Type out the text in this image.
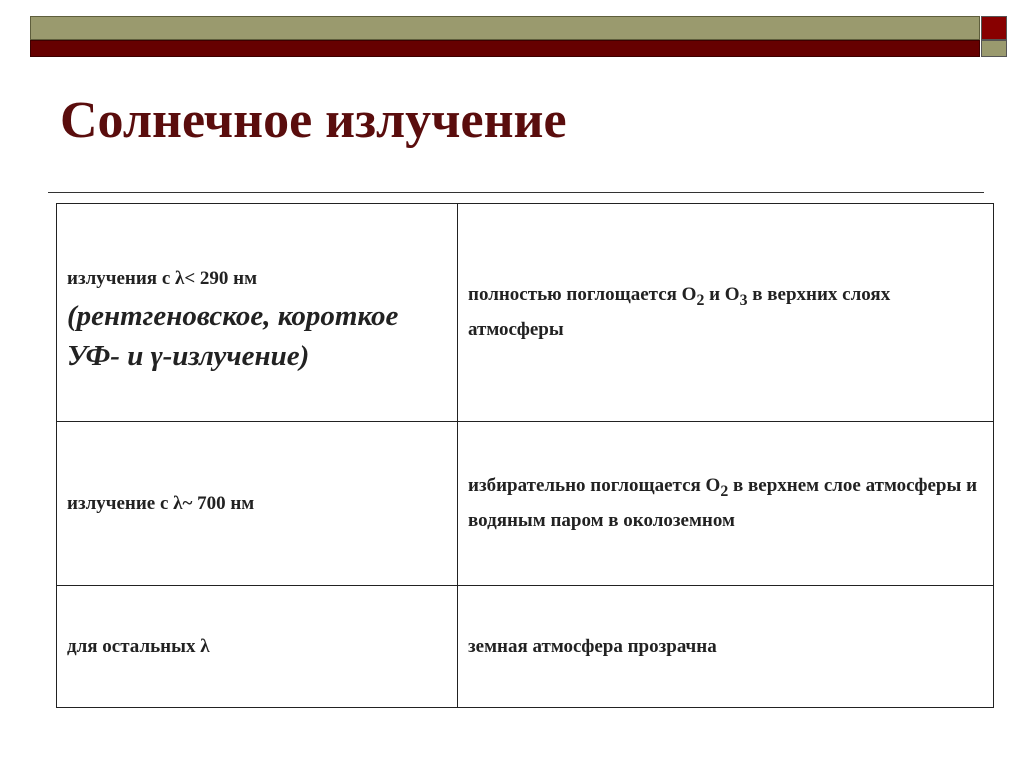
Солнечное излучение
излучения с λ< 290 нм
(рентгеновское, короткое УФ- и γ-излучение)	полностью поглощается $O_2$ и $O_3$ в верхних слоях атмосферы
излучение с λ~ 700 нм	избирательно поглощается $O_2$ в верхнем слое атмосферы и водяным паром в околоземном
для остальных λ	земная атмосфера прозрачна
